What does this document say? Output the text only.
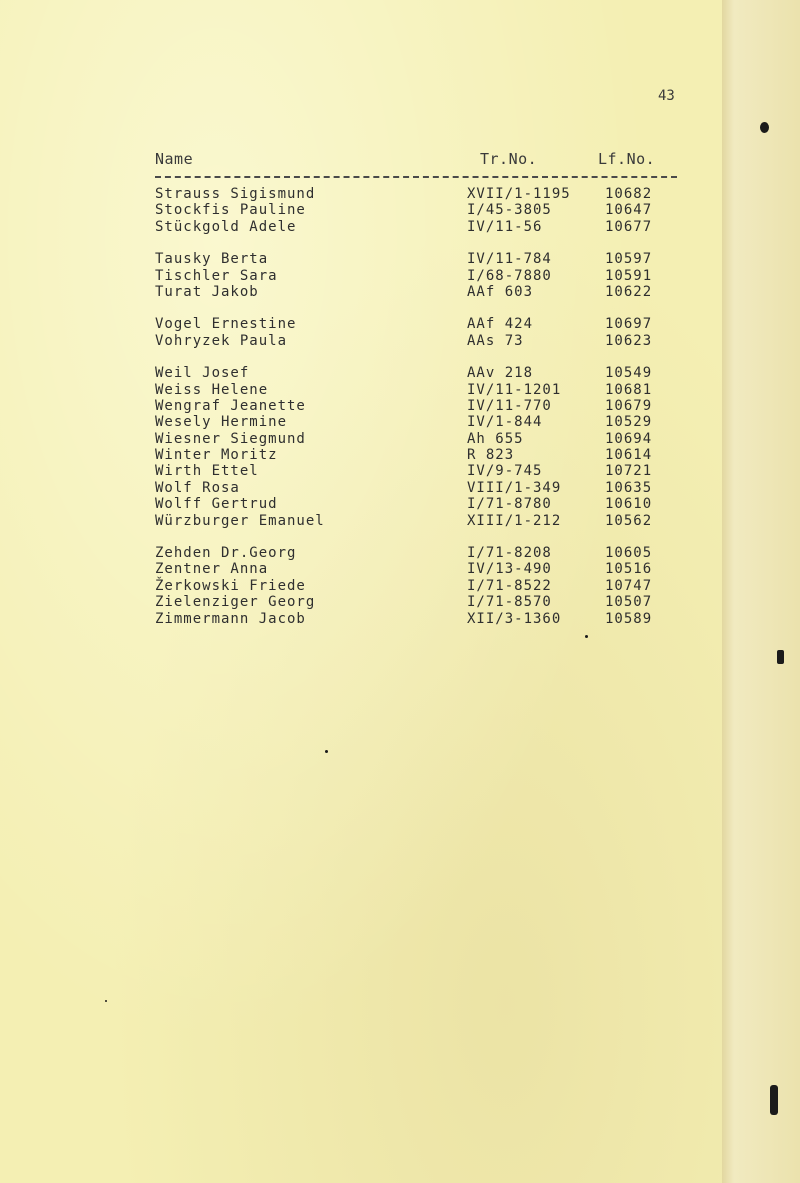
43
Name	Tr.No.	Lf.No.
Strauss Sigismund	XVII/1-1195 10682
Stockfis Pauline	I/45-3805	10647
Stückgold Adele	IV/11-56	10677
Tausky Berta	IV/11-784	10597
Tischler Sara	I/68-7880	10591
Turat Jakob	AAf 603	10622
Vogel Ernestine	AAf 424	10697
Vohryzek Paula	AAs 73	10623
Weil Josef	AAv 218	10549
Weiss Helene	IV/11-1201	10681
Wengraf Jeanette	IV/11-770	10679
Wesely Hermine	IV/1-844	10529
Wiesner Siegmund	Ah 655	10694
Winter Moritz	R 823	10614
Wirth Ettel	IV/9-745	10721
Wolf Rosa	VIII/1-349	10635
Wolff Gertrud	I/71-8780	10610
Würzburger Emanuel	XIII/1-212	10562
Zehden Dr.Georg	I/71-8208	10605
Zentner Anna	IV/13-490	10516
Žerkowski Friede	I/71-8522	10747
Zielenziger Georg	I/71-8570	10507
Zimmermann Jacob	XII/3-1360	10589
